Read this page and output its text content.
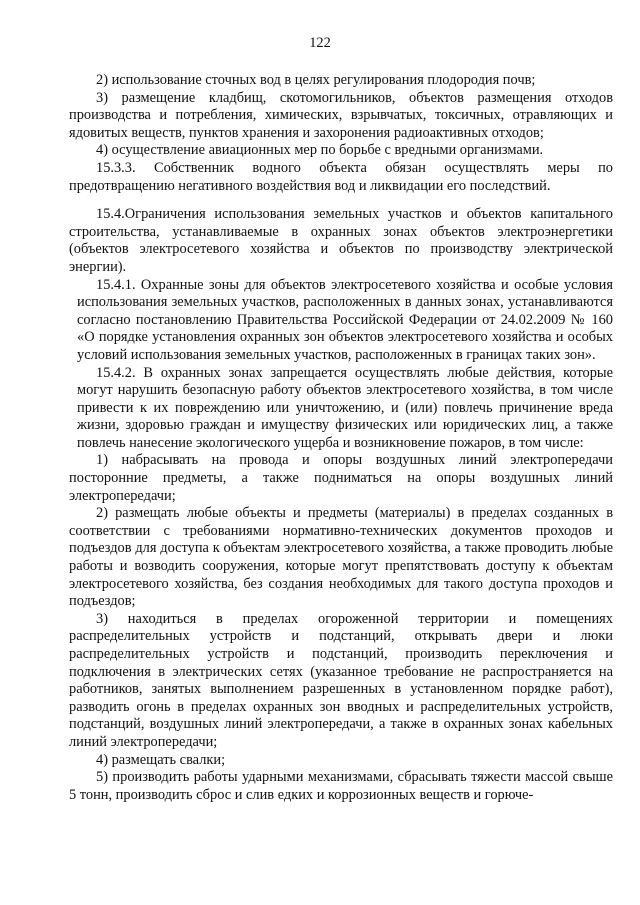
122

2) использование сточных вод в целях регулирования плодородия почв;

3) размещение кладбищ, скотомогильников, объектов размещения отходов производства и потребления, химических, взрывчатых, токсичных, отравляющих и ядовитых веществ, пунктов хранения и захоронения радиоактивных отходов;

4) осуществление авиационных мер по борьбе с вредными организмами.

15.3.3. Собственник водного объекта обязан осуществлять меры по предотвращению негативного воздействия вод и ликвидации его последствий.

15.4.Ограничения использования земельных участков и объектов капитального строительства, устанавливаемые в охранных зонах объектов электроэнергетики (объектов электросетевого хозяйства и объектов по производству электрической энергии).

15.4.1. Охранные зоны для объектов электросетевого хозяйства и особые условия использования земельных участков, расположенных в данных зонах, устанавливаются согласно постановлению Правительства Российской Федерации от 24.02.2009 № 160 «О порядке установления охранных зон объектов электросетевого хозяйства и особых условий использования земельных участков, расположенных в границах таких зон».

15.4.2. В охранных зонах запрещается осуществлять любые действия, которые могут нарушить безопасную работу объектов электросетевого хозяйства, в том числе привести к их повреждению или уничтожению, и (или) повлечь причинение вреда жизни, здоровью граждан и имуществу физических или юридических лиц, а также повлечь нанесение экологического ущерба и возникновение пожаров, в том числе:

1) набрасывать на провода и опоры воздушных линий электропередачи посторонние предметы, а также подниматься на опоры воздушных линий электропередачи;

2) размещать любые объекты и предметы (материалы) в пределах созданных в соответствии с требованиями нормативно-технических документов проходов и подъездов для доступа к объектам электросетевого хозяйства, а также проводить любые работы и возводить сооружения, которые могут препятствовать доступу к объектам электросетевого хозяйства, без создания необходимых для такого доступа проходов и подъездов;

3) находиться в пределах огороженной территории и помещениях распределительных устройств и подстанций, открывать двери и люки распределительных устройств и подстанций, производить переключения и подключения в электрических сетях (указанное требование не распространяется на работников, занятых выполнением разрешенных в установленном порядке работ), разводить огонь в пределах охранных зон вводных и распределительных устройств, подстанций, воздушных линий электропередачи, а также в охранных зонах кабельных линий электропередачи;

4) размещать свалки;

5) производить работы ударными механизмами, сбрасывать тяжести массой свыше 5 тонн, производить сброс и слив едких и коррозионных веществ и горюче-
